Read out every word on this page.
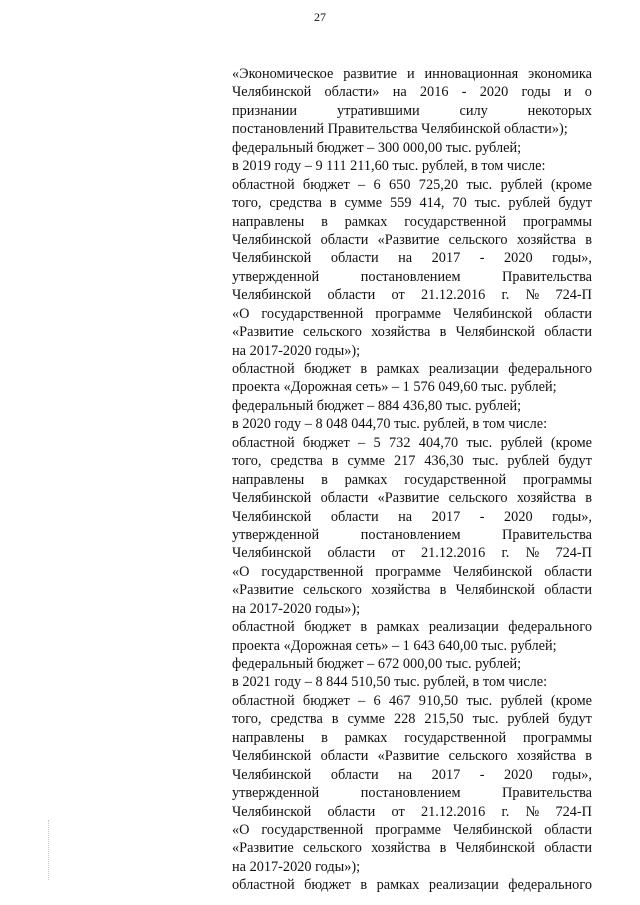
27
«Экономическое развитие и инновационная экономика
Челябинской области» на 2016 - 2020 годы и о
признании	утратившими	силу	некоторых
постановлений Правительства Челябинской области»);
федеральный бюджет – 300 000,00 тыс. рублей;
в 2019 году – 9 111 211,60 тыс. рублей, в том числе:
областной бюджет – 6 650 725,20 тыс. рублей (кроме
того, средства в сумме 559 414, 70 тыс. рублей будут
направлены в рамках государственной программы
Челябинской области «Развитие сельского хозяйства в
Челябинской области на 2017 - 2020 годы»,
утвержденной	постановлением	Правительства
Челябинской области от 21.12.2016 г. № 724-П
«О государственной программе Челябинской области
«Развитие сельского хозяйства в Челябинской области
на 2017-2020 годы»);
областной бюджет в рамках реализации федерального
проекта «Дорожная сеть» – 1 576 049,60 тыс. рублей;
федеральный бюджет – 884 436,80 тыс. рублей;
в 2020 году – 8 048 044,70 тыс. рублей, в том числе:
областной бюджет – 5 732 404,70 тыс. рублей (кроме
того, средства в сумме 217 436,30 тыс. рублей будут
направлены в рамках государственной программы
Челябинской области «Развитие сельского хозяйства в
Челябинской области на 2017 - 2020 годы»,
утвержденной	постановлением	Правительства
Челябинской области от 21.12.2016 г. № 724-П
«О государственной программе Челябинской области
«Развитие сельского хозяйства в Челябинской области
на 2017-2020 годы»);
областной бюджет в рамках реализации федерального
проекта «Дорожная сеть» – 1 643 640,00 тыс. рублей;
федеральный бюджет – 672 000,00 тыс. рублей;
в 2021 году – 8 844 510,50 тыс. рублей, в том числе:
областной бюджет – 6 467 910,50 тыс. рублей (кроме
того, средства в сумме 228 215,50 тыс. рублей будут
направлены в рамках государственной программы
Челябинской области «Развитие сельского хозяйства в
Челябинской области на 2017 - 2020 годы»,
утвержденной	постановлением	Правительства
Челябинской области от 21.12.2016 г. № 724-П
«О государственной программе Челябинской области
«Развитие сельского хозяйства в Челябинской области
на 2017-2020 годы»);
областной бюджет в рамках реализации федерального
